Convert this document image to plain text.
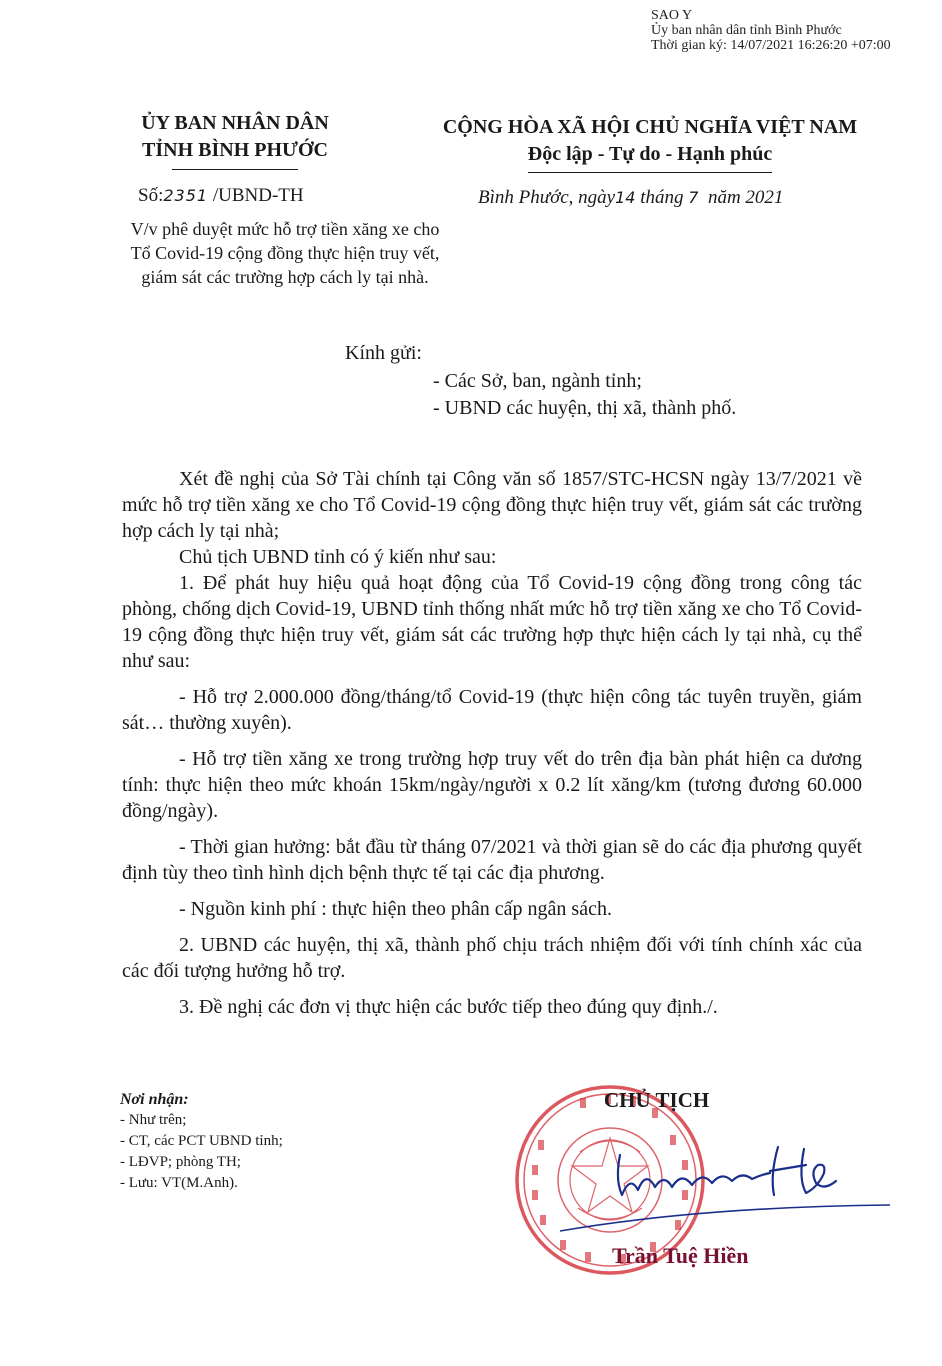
SAO Y
Ủy ban nhân dân tỉnh Bình Phước
Thời gian ký: 14/07/2021 16:26:20 +07:00
ỦY BAN NHÂN DÂN
TỈNH BÌNH PHƯỚC
CỘNG HÒA XÃ HỘI CHỦ NGHĨA VIỆT NAM
Độc lập - Tự do - Hạnh phúc
Số:2351 /UBND-TH
V/v phê duyệt mức hỗ trợ tiền xăng xe cho Tổ Covid-19 cộng đồng thực hiện truy vết, giám sát các trường hợp cách ly tại nhà.
Bình Phước, ngày14 tháng 7 năm 2021
Kính gửi:
- Các Sở, ban, ngành tỉnh;
- UBND các huyện, thị xã, thành phố.

Xét đề nghị của Sở Tài chính tại Công văn số 1857/STC-HCSN ngày 13/7/2021 về mức hỗ trợ tiền xăng xe cho Tổ Covid-19 cộng đồng thực hiện truy vết, giám sát các trường hợp cách ly tại nhà;

Chủ tịch UBND tỉnh có ý kiến như sau:

1. Để phát huy hiệu quả hoạt động của Tổ Covid-19 cộng đồng trong công tác phòng, chống dịch Covid-19, UBND tỉnh thống nhất mức hỗ trợ tiền xăng xe cho Tổ Covid-19 cộng đồng thực hiện truy vết, giám sát các trường hợp thực hiện cách ly tại nhà, cụ thể như sau:

- Hỗ trợ 2.000.000 đồng/tháng/tổ Covid-19 (thực hiện công tác tuyên truyền, giám sát… thường xuyên).

- Hỗ trợ tiền xăng xe trong trường hợp truy vết do trên địa bàn phát hiện ca dương tính: thực hiện theo mức khoán 15km/ngày/người x 0.2 lít xăng/km (tương đương 60.000 đồng/ngày).

- Thời gian hưởng: bắt đầu từ tháng 07/2021 và thời gian sẽ do các địa phương quyết định tùy theo tình hình dịch bệnh thực tế tại các địa phương.

- Nguồn kinh phí : thực hiện theo phân cấp ngân sách.

2. UBND các huyện, thị xã, thành phố chịu trách nhiệm đối với tính chính xác của các đối tượng hưởng hỗ trợ.

3. Đề nghị các đơn vị thực hiện các bước tiếp theo đúng quy định./.

Nơi nhận:
- Như trên;
- CT, các PCT UBND tỉnh;
- LĐVP; phòng TH;
- Lưu: VT(M.Anh).
CHỦ TỊCH
Trần Tuệ Hiền
